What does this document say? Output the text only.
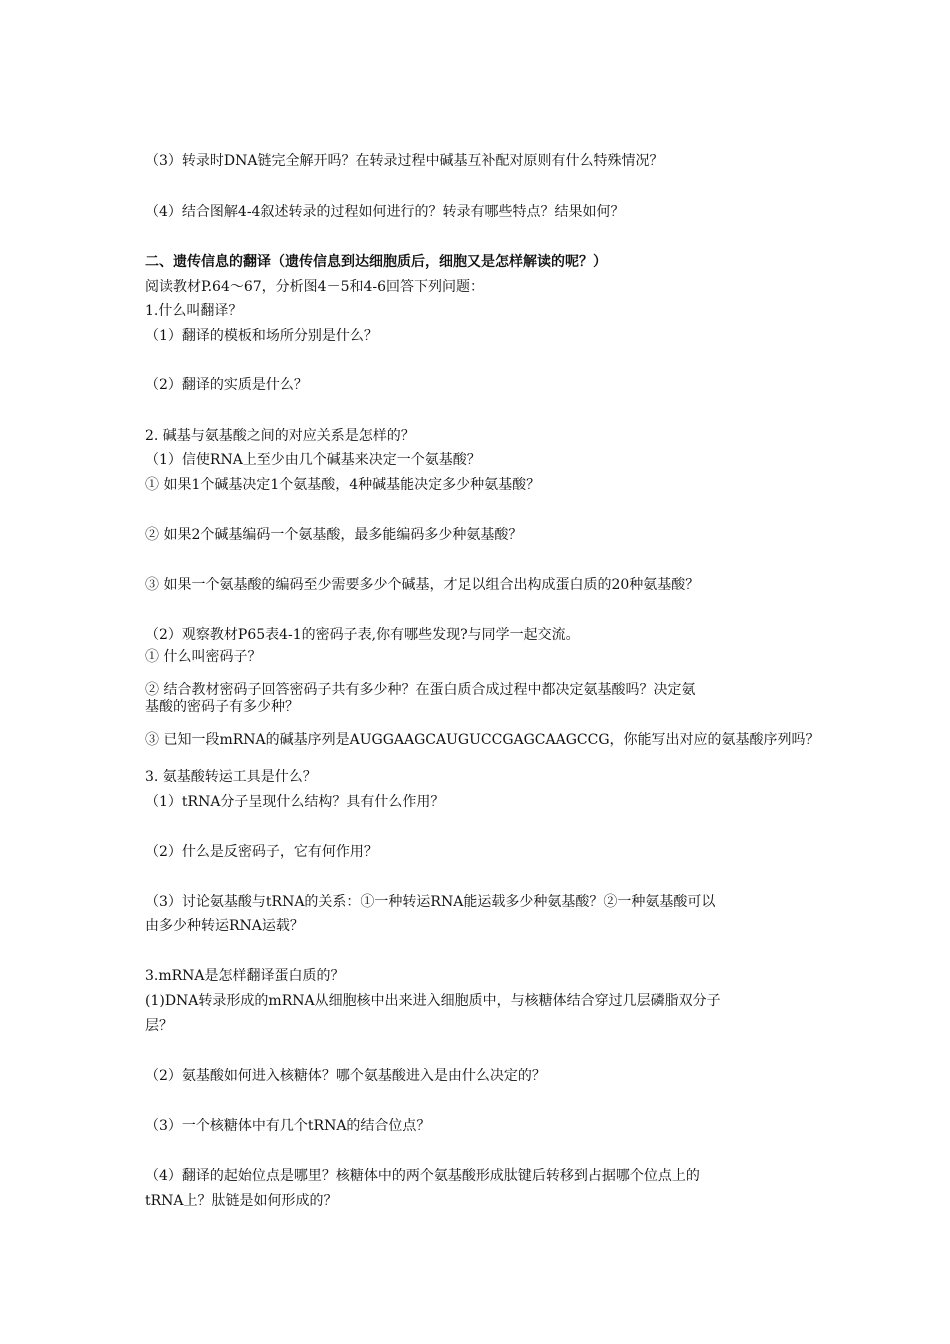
（3）转录时DNA链完全解开吗？在转录过程中碱基互补配对原则有什么特殊情况？

（4）结合图解4-4叙述转录的过程如何进行的？转录有哪些特点？结果如何？

二、遗传信息的翻译（遗传信息到达细胞质后，细胞又是怎样解读的呢？）

阅读教材P.64～67，分析图4－5和4-6回答下列问题：

1.什么叫翻译？

（1）翻译的模板和场所分别是什么？

（2）翻译的实质是什么？

2. 碱基与氨基酸之间的对应关系是怎样的？

（1）信使RNA上至少由几个碱基来决定一个氨基酸？

① 如果1个碱基决定1个氨基酸，4种碱基能决定多少种氨基酸？

② 如果2个碱基编码一个氨基酸，最多能编码多少种氨基酸？

③ 如果一个氨基酸的编码至少需要多少个碱基，才足以组合出构成蛋白质的20种氨基酸？

（2）观察教材P65表4-1的密码子表,你有哪些发现?与同学一起交流。

① 什么叫密码子？

② 结合教材密码子回答密码子共有多少种？在蛋白质合成过程中都决定氨基酸吗？决定氨

基酸的密码子有多少种？

③ 已知一段mRNA的碱基序列是AUGGAAGCAUGUCCGAGCAAGCCG，你能写出对应的氨基酸序列吗？

3. 氨基酸转运工具是什么？

（1）tRNA分子呈现什么结构？具有什么作用？

（2）什么是反密码子，它有何作用？

（3）讨论氨基酸与tRNA的关系：①一种转运RNA能运载多少种氨基酸？②一种氨基酸可以

由多少种转运RNA运载？

3.mRNA是怎样翻译蛋白质的？

(1)DNA转录形成的mRNA从细胞核中出来进入细胞质中，与核糖体结合穿过几层磷脂双分子

层？

（2）氨基酸如何进入核糖体？哪个氨基酸进入是由什么决定的？

（3）一个核糖体中有几个tRNA的结合位点？

（4）翻译的起始位点是哪里？核糖体中的两个氨基酸形成肽键后转移到占据哪个位点上的

tRNA上？肽链是如何形成的？
